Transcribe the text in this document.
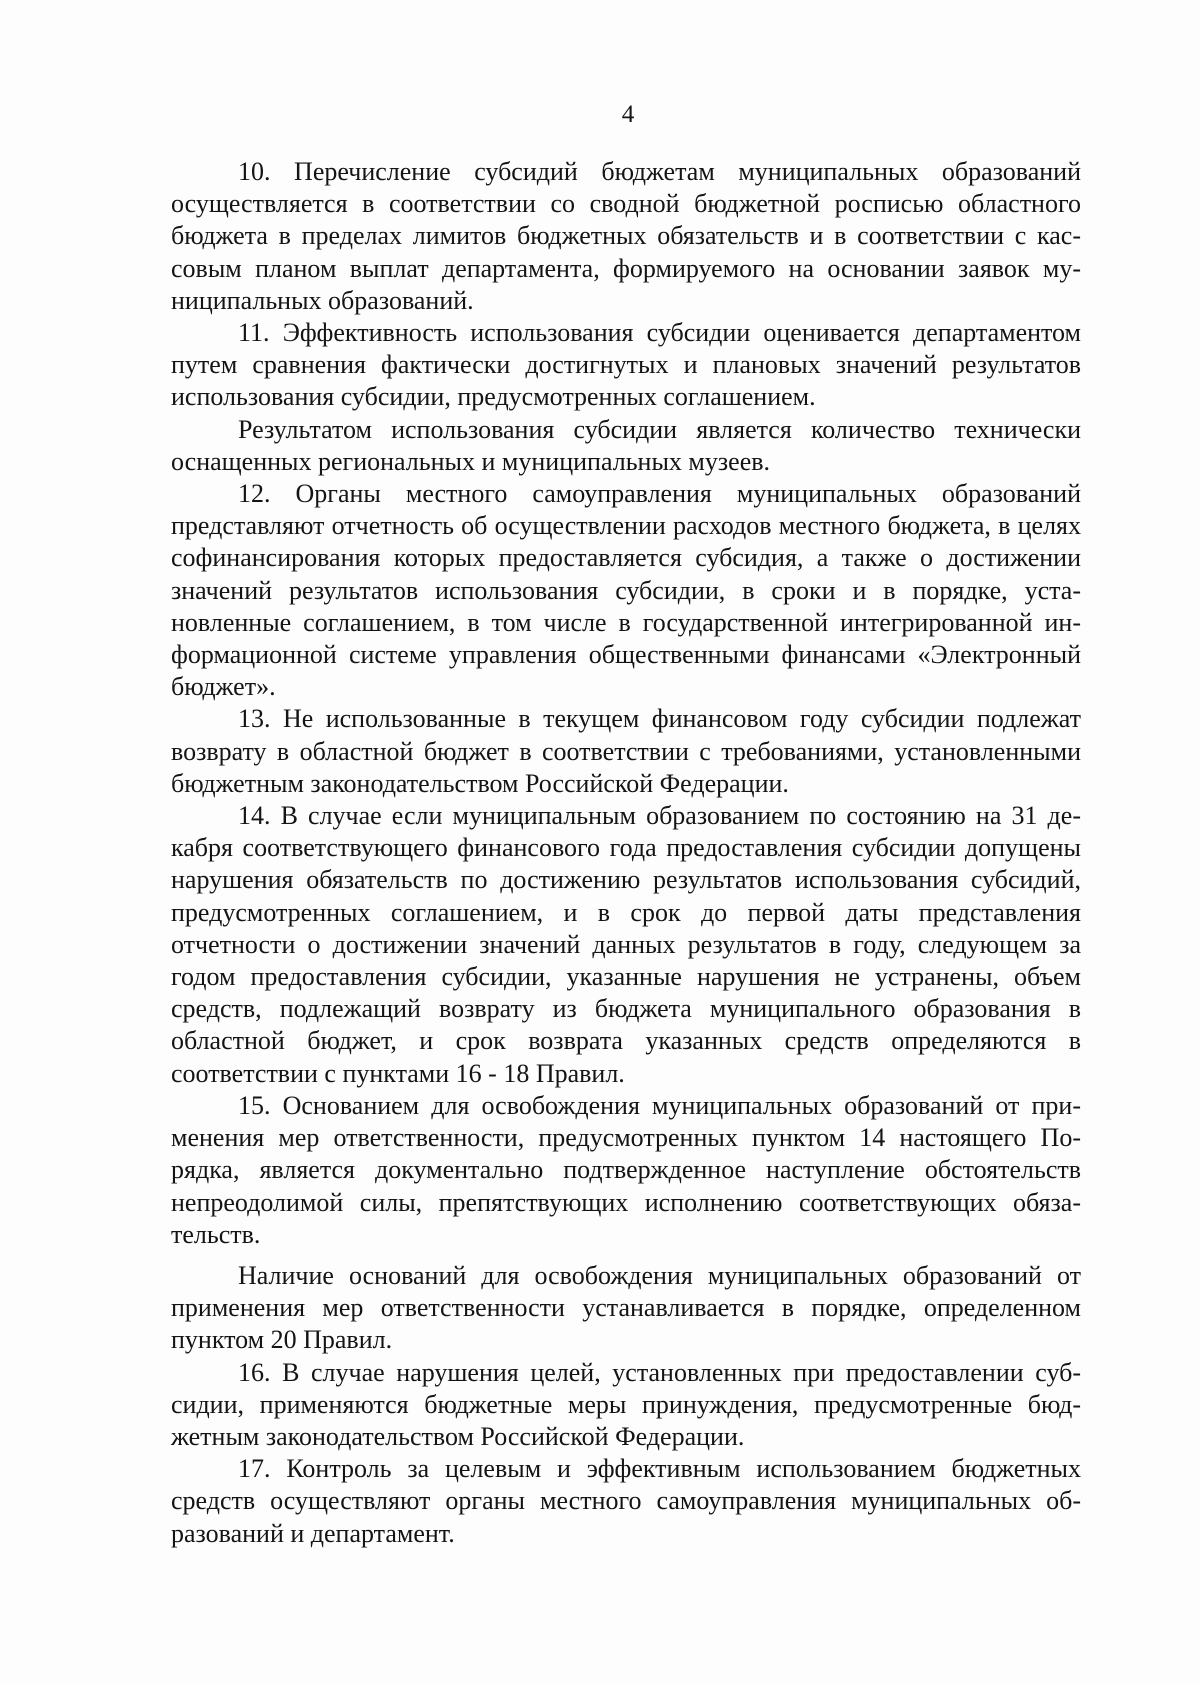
4

10. Перечисление субсидий бюджетам муниципальных образований осуществляется в соответствии со сводной бюджетной росписью областного бюджета в пределах лимитов бюджетных обязательств и в соответствии с кассовым планом выплат департамента, формируемого на основании заявок муниципальных образований.

11. Эффективность использования субсидии оценивается департаментом путем сравнения фактически достигнутых и плановых значений результатов использования субсидии, предусмотренных соглашением.

Результатом использования субсидии является количество технически оснащенных региональных и муниципальных музеев.

12. Органы местного самоуправления муниципальных образований представляют отчетность об осуществлении расходов местного бюджета, в целях софинансирования которых предоставляется субсидия, а также о достижении значений результатов использования субсидии, в сроки и в порядке, установленные соглашением, в том числе в государственной интегрированной информационной системе управления общественными финансами «Электронный бюджет».

13. Не использованные в текущем финансовом году субсидии подлежат возврату в областной бюджет в соответствии с требованиями, установленными бюджетным законодательством Российской Федерации.

14. В случае если муниципальным образованием по состоянию на 31 декабря соответствующего финансового года предоставления субсидии допущены нарушения обязательств по достижению результатов использования субсидий, предусмотренных соглашением, и в срок до первой даты представления отчетности о достижении значений данных результатов в году, следующем за годом предоставления субсидии, указанные нарушения не устранены, объем средств, подлежащий возврату из бюджета муниципального образования в областной бюджет, и срок возврата указанных средств определяются в соответствии с пунктами 16 - 18 Правил.

15. Основанием для освобождения муниципальных образований от применения мер ответственности, предусмотренных пунктом 14 настоящего Порядка, является документально подтвержденное наступление обстоятельств непреодолимой силы, препятствующих исполнению соответствующих обязательств.

Наличие оснований для освобождения муниципальных образований от применения мер ответственности устанавливается в порядке, определенном пунктом 20 Правил.

16. В случае нарушения целей, установленных при предоставлении субсидии, применяются бюджетные меры принуждения, предусмотренные бюджетным законодательством Российской Федерации.

17. Контроль за целевым и эффективным использованием бюджетных средств осуществляют органы местного самоуправления муниципальных образований и департамент.
